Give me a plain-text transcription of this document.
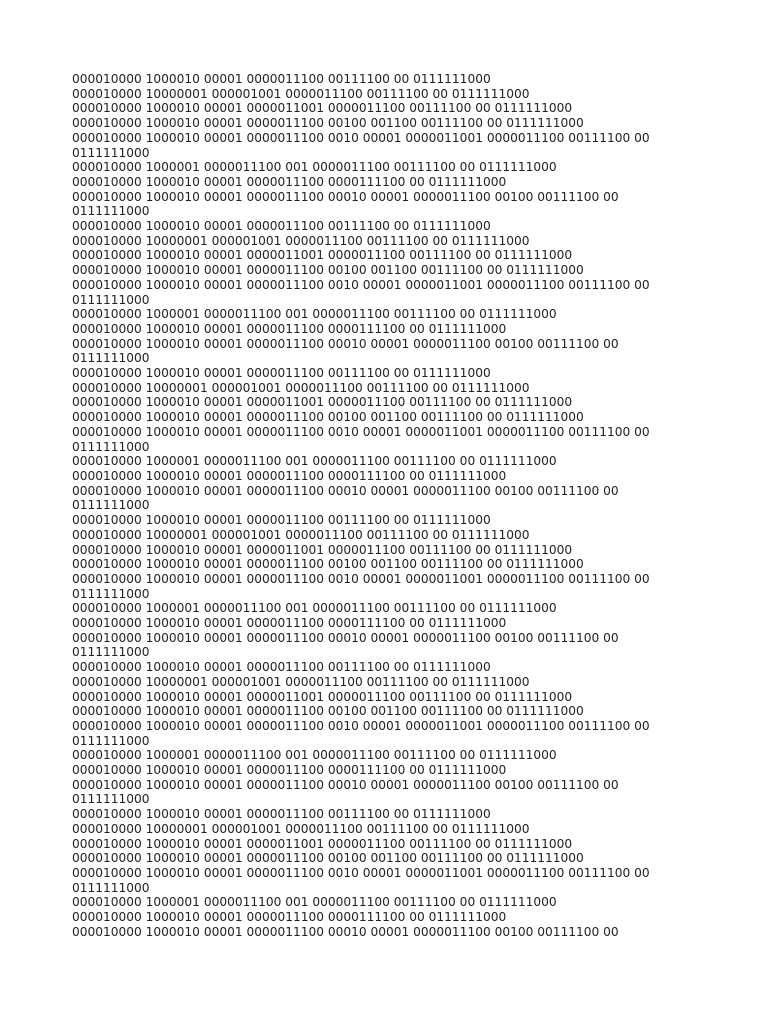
000010000 1000010 00001 0000011100 00111100 00 0111111000
000010000 10000001 000001001 0000011100 00111100 00 0111111000
000010000 1000010 00001 0000011001 0000011100 00111100 00 0111111000
000010000 1000010 00001 0000011100 00100 001100 00111100 00 0111111000
000010000 1000010 00001 0000011100 0010 00001 0000011001 0000011100 00111100 00 0111111000
000010000 1000001 0000011100 001 0000011100 00111100 00 0111111000
000010000 1000010 00001 0000011100 0000111100 00 0111111000
000010000 1000010 00001 0000011100 00010 00001 0000011100 00100 00111100 00 0111111000
000010000 1000010 00001 0000011100 00111100 00 0111111000
000010000 10000001 000001001 0000011100 00111100 00 0111111000
000010000 1000010 00001 0000011001 0000011100 00111100 00 0111111000
000010000 1000010 00001 0000011100 00100 001100 00111100 00 0111111000
000010000 1000010 00001 0000011100 0010 00001 0000011001 0000011100 00111100 00 0111111000
000010000 1000001 0000011100 001 0000011100 00111100 00 0111111000
000010000 1000010 00001 0000011100 0000111100 00 0111111000
000010000 1000010 00001 0000011100 00010 00001 0000011100 00100 00111100 00 0111111000
000010000 1000010 00001 0000011100 00111100 00 0111111000
000010000 10000001 000001001 0000011100 00111100 00 0111111000
000010000 1000010 00001 0000011001 0000011100 00111100 00 0111111000
000010000 1000010 00001 0000011100 00100 001100 00111100 00 0111111000
000010000 1000010 00001 0000011100 0010 00001 0000011001 0000011100 00111100 00 0111111000
000010000 1000001 0000011100 001 0000011100 00111100 00 0111111000
000010000 1000010 00001 0000011100 0000111100 00 0111111000
000010000 1000010 00001 0000011100 00010 00001 0000011100 00100 00111100 00 0111111000
000010000 1000010 00001 0000011100 00111100 00 0111111000
000010000 10000001 000001001 0000011100 00111100 00 0111111000
000010000 1000010 00001 0000011001 0000011100 00111100 00 0111111000
000010000 1000010 00001 0000011100 00100 001100 00111100 00 0111111000
000010000 1000010 00001 0000011100 0010 00001 0000011001 0000011100 00111100 00 0111111000
000010000 1000001 0000011100 001 0000011100 00111100 00 0111111000
000010000 1000010 00001 0000011100 0000111100 00 0111111000
000010000 1000010 00001 0000011100 00010 00001 0000011100 00100 00111100 00 0111111000
000010000 1000010 00001 0000011100 00111100 00 0111111000
000010000 10000001 000001001 0000011100 00111100 00 0111111000
000010000 1000010 00001 0000011001 0000011100 00111100 00 0111111000
000010000 1000010 00001 0000011100 00100 001100 00111100 00 0111111000
000010000 1000010 00001 0000011100 0010 00001 0000011001 0000011100 00111100 00 0111111000
000010000 1000001 0000011100 001 0000011100 00111100 00 0111111000
000010000 1000010 00001 0000011100 0000111100 00 0111111000
000010000 1000010 00001 0000011100 00010 00001 0000011100 00100 00111100 00 0111111000
000010000 1000010 00001 0000011100 00111100 00 0111111000
000010000 10000001 000001001 0000011100 00111100 00 0111111000
000010000 1000010 00001 0000011001 0000011100 00111100 00 0111111000
000010000 1000010 00001 0000011100 00100 001100 00111100 00 0111111000
000010000 1000010 00001 0000011100 0010 00001 0000011001 0000011100 00111100 00 0111111000
000010000 1000001 0000011100 001 0000011100 00111100 00 0111111000
000010000 1000010 00001 0000011100 0000111100 00 0111111000
000010000 1000010 00001 0000011100 00010 00001 0000011100 00100 00111100 00
